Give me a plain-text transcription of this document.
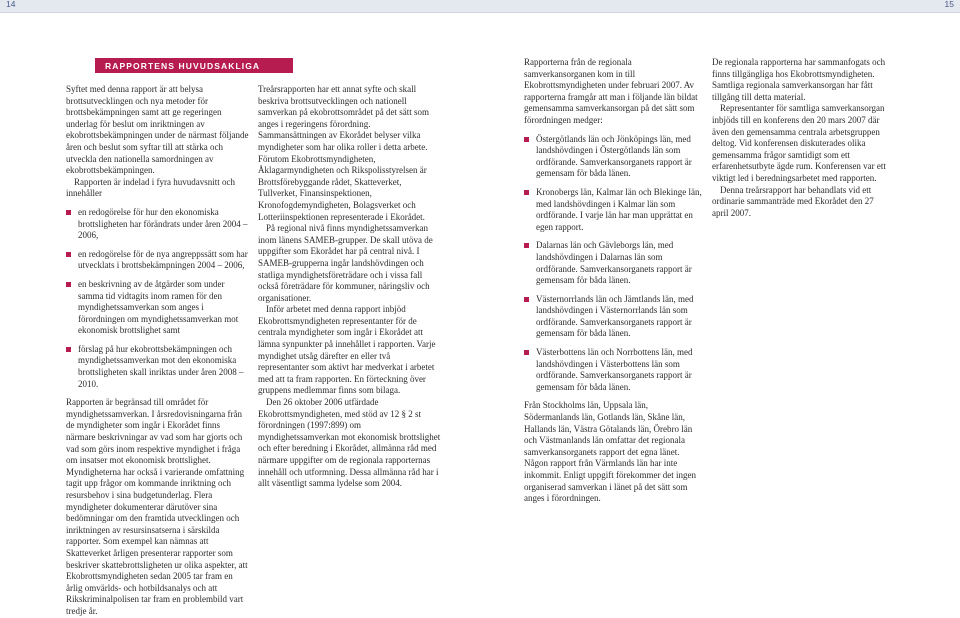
14	15
RAPPORTENS HUVUDSAKLIGA INRIKTNING

Syftet med denna rapport är att belysa brottsutvecklingen och nya metoder för brottsbekämpningen samt att ge regeringen underlag för beslut om inriktningen av ekobrottsbekämpningen under de närmast följande åren och beslut som syftar till att stärka och utveckla den nationella samordningen av ekobrottsbekämpningen.

Rapporten är indelad i fyra huvudavsnitt och innehåller

en redogörelse för hur den ekonomiska brottsligheten har förändrats under åren 2004 – 2006,
en redogörelse för de nya angreppssätt som har utvecklats i brottsbekämpningen 2004 – 2006,
en beskrivning av de åtgärder som under samma tid vidtagits inom ramen för den myndighetssamverkan som anges i förordningen om myndighetssamverkan mot ekonomisk brottslighet samt
förslag på hur ekobrottsbekämpningen och myndighetssamverkan mot den ekonomiska brottsligheten skall inriktas under åren 2008 – 2010.

Rapporten är begränsad till området för myndighetssamverkan. I årsredovisningarna från de myndigheter som ingår i Ekorådet finns närmare beskrivningar av vad som har gjorts och vad som görs inom respektive myndighet i fråga om insatser mot ekonomisk brottslighet. Myndigheterna har också i varierande omfattning tagit upp frågor om kommande inriktning och resursbehov i sina budgetunderlag. Flera myndigheter dokumenterar därutöver sina bedömningar om den framtida utvecklingen och inriktningen av resursinsatserna i särskilda rapporter. Som exempel kan nämnas att Skatteverket årligen presenterar rapporter som beskriver skattebrottsligheten ur olika aspekter, att Ekobrottsmyndigheten sedan 2005 tar fram en årlig omvärlds- och hotbildsanalys och att Rikskriminalpolisen tar fram en problembild vart tredje år.

Treårsrapporten har ett annat syfte och skall beskriva brottsutvecklingen och nationell samverkan på ekobrottsområdet på det sätt som anges i regeringens förordning. Sammansättningen av Ekorådet belyser vilka myndigheter som har olika roller i detta arbete. Förutom Ekobrottsmyndigheten, Åklagarmyndigheten och Rikspolisstyrelsen är Brottsförebyggande rådet, Skatteverket, Tullverket, Finansinspektionen, Kronofogdemyndigheten, Bolagsverket och Lotteriinspektionen representerade i Ekorådet.

På regional nivå finns myndighetssamverkan inom länens SAMEB-grupper. De skall utöva de uppgifter som Ekorådet har på central nivå. I SAMEB-grupperna ingår landshövdingen och statliga myndighetsföreträdare och i vissa fall också företrädare för kommuner, näringsliv och organisationer.

Inför arbetet med denna rapport inbjöd Ekobrottsmyndigheten representanter för de centrala myndigheter som ingår i Ekorådet att lämna synpunkter på innehållet i rapporten. Varje myndighet utsåg därefter en eller två representanter som aktivt har medverkat i arbetet med att ta fram rapporten. En förteckning över gruppens medlemmar finns som bilaga.

Den 26 oktober 2006 utfärdade Ekobrottsmyndigheten, med stöd av 12 § 2 st förordningen (1997:899) om myndighetssamverkan mot ekonomisk brottslighet och efter beredning i Ekorådet, allmänna råd med närmare uppgifter om de regionala rapporternas innehåll och utformning. Dessa allmänna råd har i allt väsentligt samma lydelse som 2004.

Rapporterna från de regionala samverkansorganen kom in till Ekobrottsmyndigheten under februari 2007. Av rapporterna framgår att man i följande län bildat gemensamma samverkansorgan på det sätt som förordningen medger:

Östergötlands län och Jönköpings län, med landshövdingen i Östergötlands län som ordförande. Samverkansorganets rapport är gemensam för båda länen.
Kronobergs län, Kalmar län och Blekinge län, med landshövdingen i Kalmar län som ordförande. I varje län har man upprättat en egen rapport.
Dalarnas län och Gävleborgs län, med landshövdingen i Dalarnas län som ordförande. Samverkansorganets rapport är gemensam för båda länen.
Västernorrlands län och Jämtlands län, med landshövdingen i Västernorrlands län som ordförande. Samverkansorganets rapport är gemensam för båda länen.
Västerbottens län och Norrbottens län, med landshövdingen i Västerbottens län som ordförande. Samverkansorganets rapport är gemensam för båda länen.

Från Stockholms län, Uppsala län, Södermanlands län, Gotlands län, Skåne län, Hallands län, Västra Götalands län, Örebro län och Västmanlands län omfattar det regionala samverkansorganets rapport det egna länet. Någon rapport från Värmlands län har inte inkommit. Enligt uppgift förekommer det ingen organiserad samverkan i länet på det sätt som anges i förordningen.

De regionala rapporterna har sammanfogats och finns tillgängliga hos Ekobrottsmyndigheten. Samtliga regionala samverkansorgan har fått tillgång till detta material.

Representanter för samtliga samverkansorgan inbjöds till en konferens den 20 mars 2007 där även den gemensamma centrala arbetsgruppen deltog. Vid konferensen diskuterades olika gemensamma frågor samtidigt som ett erfarenhetsutbyte ägde rum. Konferensen var ett viktigt led i beredningsarbetet med rapporten.

Denna treårsrapport har behandlats vid ett ordinarie sammanträde med Ekorådet den 27 april 2007.
